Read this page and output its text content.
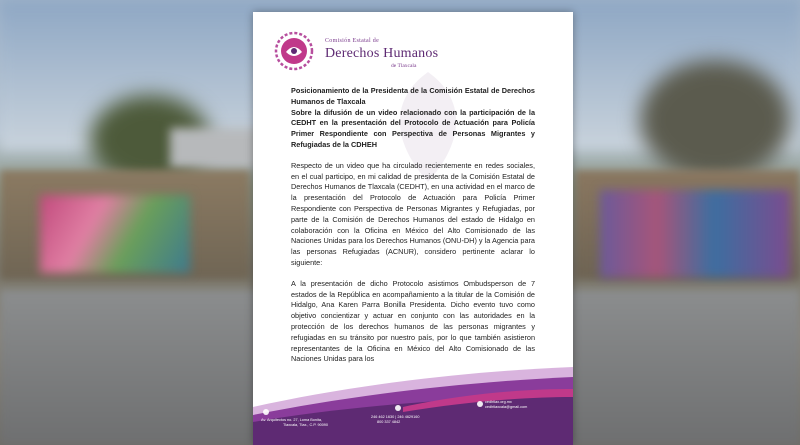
Comisión Estatal de
Derechos Humanos
de Tlaxcala
Posicionamiento de la Presidenta de la Comisión Estatal de Derechos Humanos de Tlaxcala
Sobre la difusión de un video relacionado con la participación de la CEDHT en la presentación del Protocolo de Actuación para Policía Primer Respondiente con Perspectiva de Personas Migrantes y Refugiadas de la CDHEH
Respecto de un video que ha circulado recientemente en redes sociales, en el cual participo, en mi calidad de presidenta de la Comisión Estatal de Derechos Humanos de Tlaxcala (CEDHT), en una actividad en el marco de la presentación del Protocolo de Actuación para Policía Primer Respondiente con Perspectiva de Personas Migrantes y Refugiadas, por parte de la Comisión de Derechos Humanos del estado de Hidalgo en colaboración con la Oficina en México del Alto Comisionado de las Naciones Unidas para los Derechos Humanos (ONU-DH) y la Agencia para las personas Refugiadas (ACNUR), considero pertinente aclarar lo siguiente:
A la presentación de dicho Protocolo asistimos Ombudsperson de 7 estados de la República en acompañamiento a la titular de la Comisión de Hidalgo, Ana Karen Parra Bonilla Presidenta. Dicho evento tuvo como objetivo concientizar y actuar en conjunto con las autoridades en la protección de los derechos humanos de las personas migrantes y refugiadas en su tránsito por nuestro país, por lo que también asistieron representantes de la Oficina en México del Alto Comisionado de las Naciones Unidas para los
Av. Arquitectos no. 27, Loma Bonita,
Tlaxcala, Tlax., C.P. 90090
246 462 1630 | 246 4629160
800 337 4842
cedhtlax.org.mx
cedhtlaxcala@gmail.com
